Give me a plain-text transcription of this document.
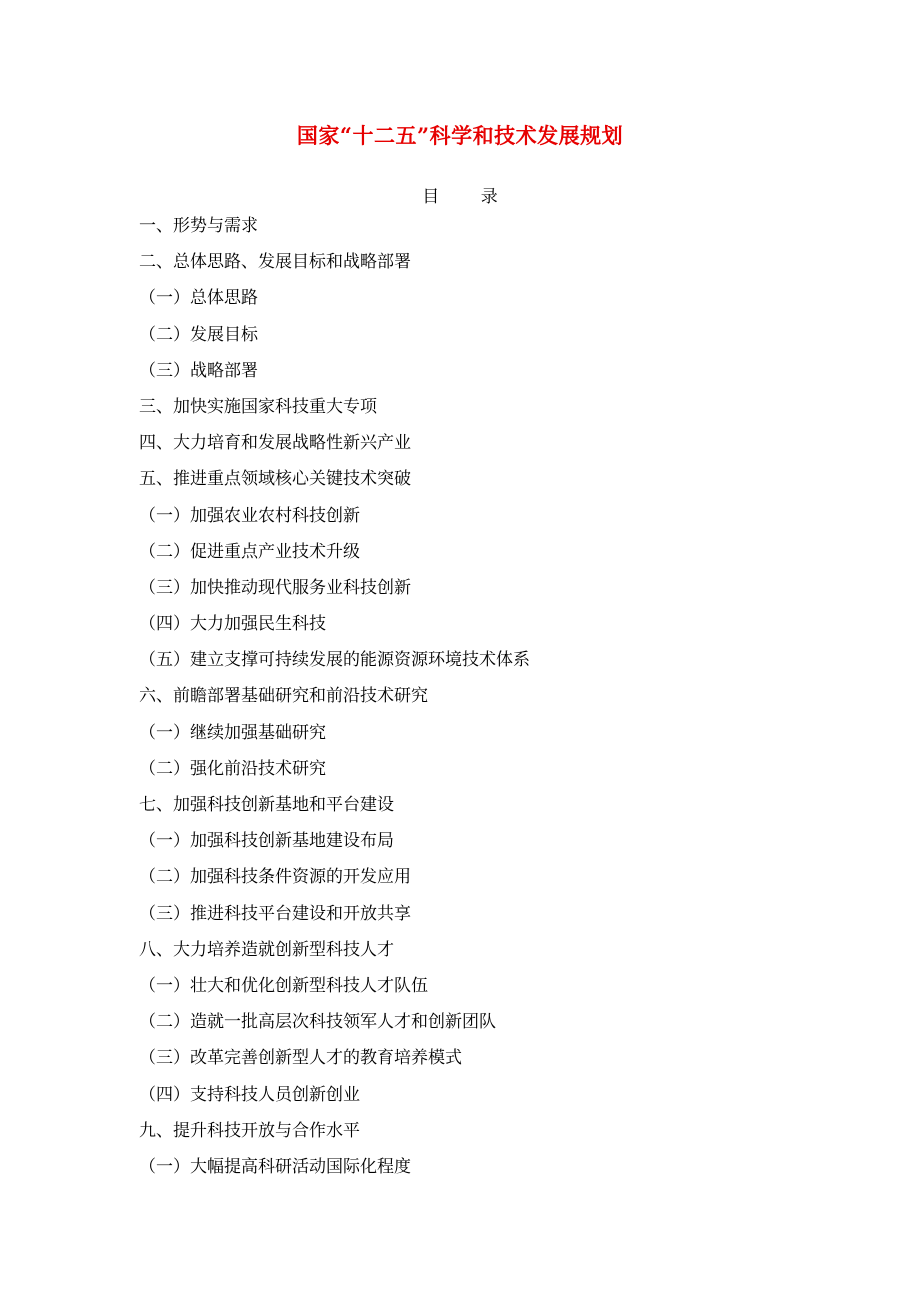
国家“十二五”科学和技术发展规划
目 录
一、形势与需求
二、总体思路、发展目标和战略部署
（一）总体思路
（二）发展目标
（三）战略部署
三、加快实施国家科技重大专项
四、大力培育和发展战略性新兴产业
五、推进重点领域核心关键技术突破
（一）加强农业农村科技创新
（二）促进重点产业技术升级
（三）加快推动现代服务业科技创新
（四）大力加强民生科技
（五）建立支撑可持续发展的能源资源环境技术体系
六、前瞻部署基础研究和前沿技术研究
（一）继续加强基础研究
（二）强化前沿技术研究
七、加强科技创新基地和平台建设
（一）加强科技创新基地建设布局
（二）加强科技条件资源的开发应用
（三）推进科技平台建设和开放共享
八、大力培养造就创新型科技人才
（一）壮大和优化创新型科技人才队伍
（二）造就一批高层次科技领军人才和创新团队
（三）改革完善创新型人才的教育培养模式
（四）支持科技人员创新创业
九、提升科技开放与合作水平
（一）大幅提高科研活动国际化程度
